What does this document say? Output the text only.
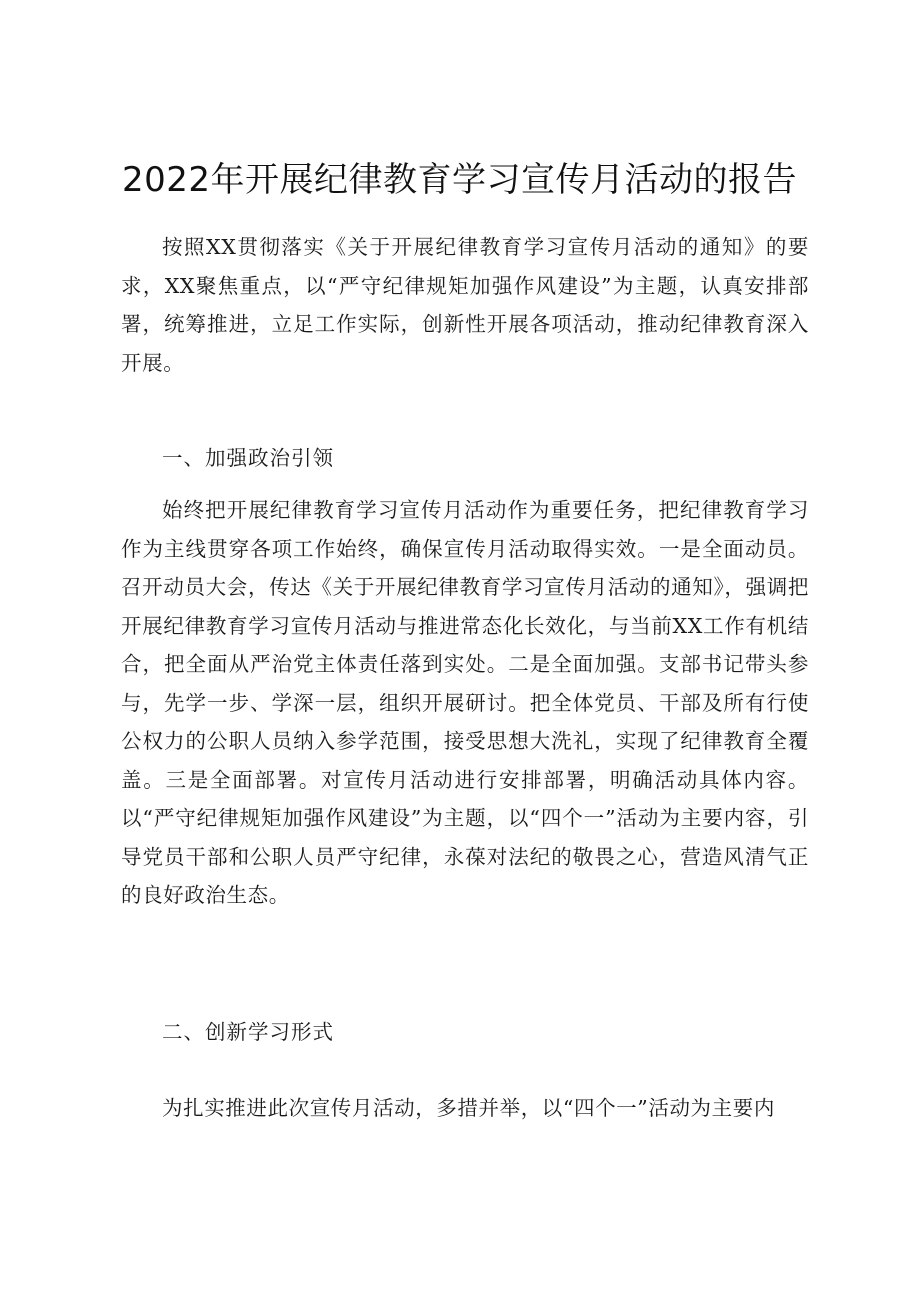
2022年开展纪律教育学习宣传月活动的报告

按照XX贯彻落实《关于开展纪律教育学习宣传月活动的通知》的要求，XX聚焦重点，以“严守纪律规矩加强作风建设”为主题，认真安排部署，统筹推进，立足工作实际，创新性开展各项活动，推动纪律教育深入开展。

一、加强政治引领

始终把开展纪律教育学习宣传月活动作为重要任务，把纪律教育学习作为主线贯穿各项工作始终，确保宣传月活动取得实效。一是全面动员。召开动员大会，传达《关于开展纪律教育学习宣传月活动的通知》，强调把开展纪律教育学习宣传月活动与推进常态化长效化，与当前XX工作有机结合，把全面从严治党主体责任落到实处。二是全面加强。支部书记带头参与，先学一步、学深一层，组织开展研讨。把全体党员、干部及所有行使公权力的公职人员纳入参学范围，接受思想大洗礼，实现了纪律教育全覆盖。三是全面部署。对宣传月活动进行安排部署，明确活动具体内容。以“严守纪律规矩加强作风建设”为主题，以“四个一”活动为主要内容，引导党员干部和公职人员严守纪律，永葆对法纪的敬畏之心，营造风清气正的良好政治生态。

二、创新学习形式

为扎实推进此次宣传月活动，多措并举，以“四个一”活动为主要内
